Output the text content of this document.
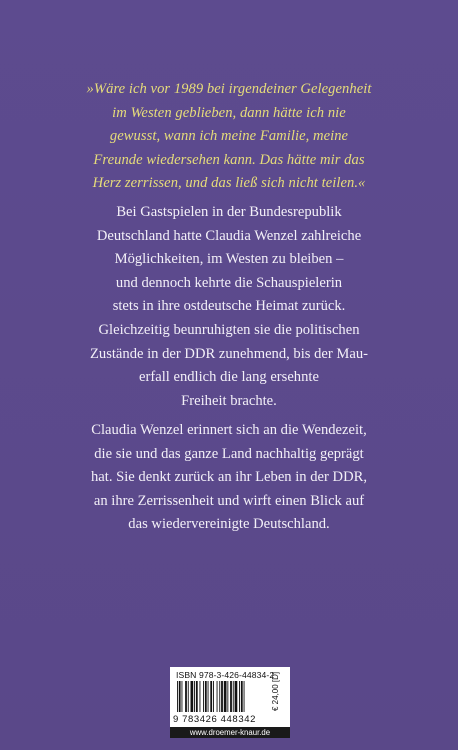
»Wäre ich vor 1989 bei irgendeiner Gelegenheit
im Westen geblieben, dann hätte ich nie
gewusst, wann ich meine Familie, meine
Freunde wiedersehen kann. Das hätte mir das
Herz zerrissen, und das ließ sich nicht teilen.«
Bei Gastspielen in der Bundesrepublik
Deutschland hatte Claudia Wenzel zahlreiche
Möglichkeiten, im Westen zu bleiben –
und dennoch kehrte die Schauspielerin
stets in ihre ostdeutsche Heimat zurück.
Gleichzeitig beunruhigten sie die politischen
Zustände in der DDR zunehmend, bis der Mau-
erfall endlich die lang ersehnte
Freiheit brachte.
Claudia Wenzel erinnert sich an die Wendezeit,
die sie und das ganze Land nachhaltig geprägt
hat. Sie denkt zurück an ihr Leben in der DDR,
an ihre Zerrissenheit und wirft einen Blick auf
das wiedervereinigte Deutschland.
ISBN 978-3-426-44834-2
9 783426 448342
€ 24,00 [D]
www.droemer-knaur.de
